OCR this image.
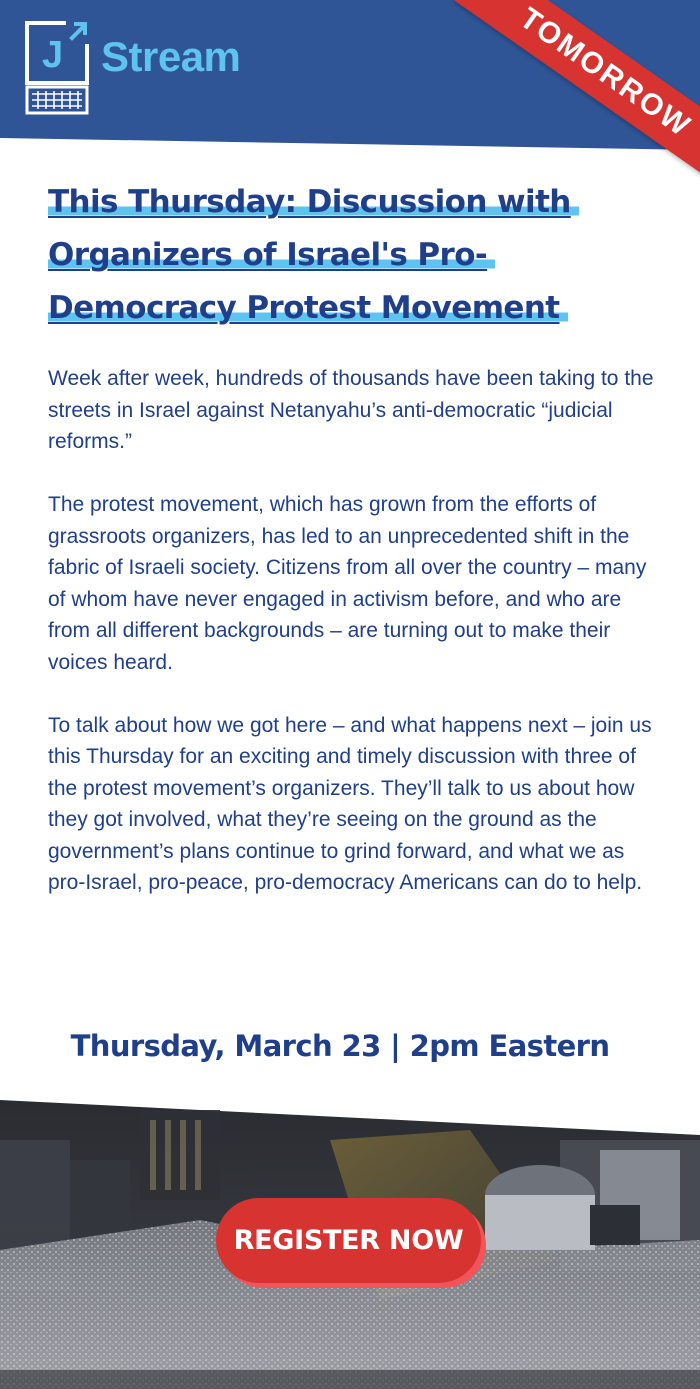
J Stream	TOMORROW
This Thursday: Discussion with
Organizers of Israel's Pro-
Democracy Protest Movement

Week after week, hundreds of thousands have been taking to the streets in Israel against Netanyahu’s anti-democratic “judicial reforms.”

The protest movement, which has grown from the efforts of grassroots organizers, has led to an unprecedented shift in the fabric of Israeli society. Citizens from all over the country – many of whom have never engaged in activism before, and who are from all different backgrounds – are turning out to make their voices heard.

To talk about how we got here – and what happens next – join us this Thursday for an exciting and timely discussion with three of the protest movement’s organizers. They’ll talk to us about how they got involved, what they’re seeing on the ground as the government’s plans continue to grind forward, and what we as pro-Israel, pro-peace, pro-democracy Americans can do to help.

Thursday, March 23 | 2pm Eastern
REGISTER NOW
